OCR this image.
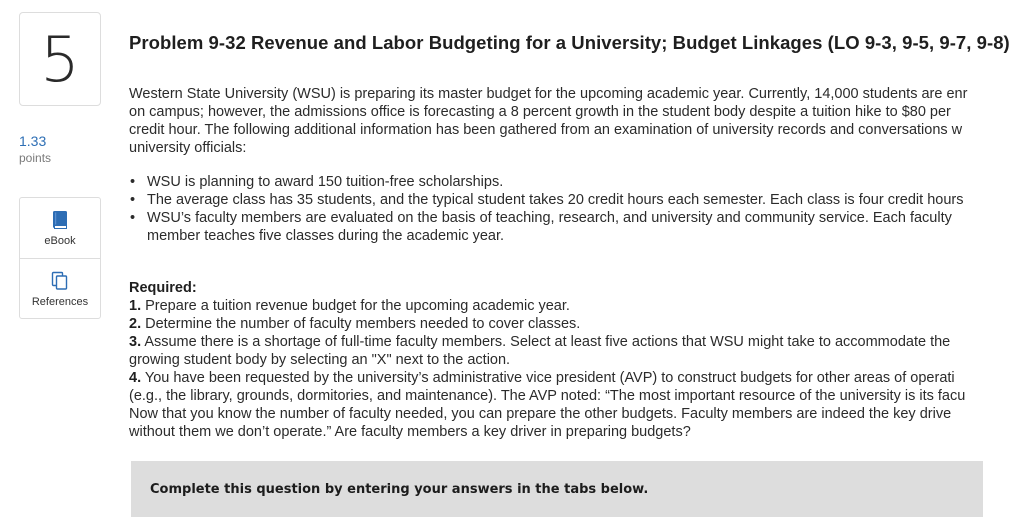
5
1.33
points
eBook
References
Problem 9-32 Revenue and Labor Budgeting for a University; Budget Linkages (LO 9-3, 9-5, 9-7, 9-8)
Western State University (WSU) is preparing its master budget for the upcoming academic year. Currently, 14,000 students are enr
on campus; however, the admissions office is forecasting a 8 percent growth in the student body despite a tuition hike to $80 per
credit hour. The following additional information has been gathered from an examination of university records and conversations w
university officials:
• WSU is planning to award 150 tuition-free scholarships.
• The average class has 35 students, and the typical student takes 20 credit hours each semester. Each class is four credit hours
• WSU’s faculty members are evaluated on the basis of teaching, research, and university and community service. Each faculty
member teaches five classes during the academic year.
Required:
1. Prepare a tuition revenue budget for the upcoming academic year.
2. Determine the number of faculty members needed to cover classes.
3. Assume there is a shortage of full-time faculty members. Select at least five actions that WSU might take to accommodate the
growing student body by selecting an "X" next to the action.
4. You have been requested by the university’s administrative vice president (AVP) to construct budgets for other areas of operati
(e.g., the library, grounds, dormitories, and maintenance). The AVP noted: “The most important resource of the university is its facu
Now that you know the number of faculty needed, you can prepare the other budgets. Faculty members are indeed the key drive
without them we don’t operate.” Are faculty members a key driver in preparing budgets?
Complete this question by entering your answers in the tabs below.
